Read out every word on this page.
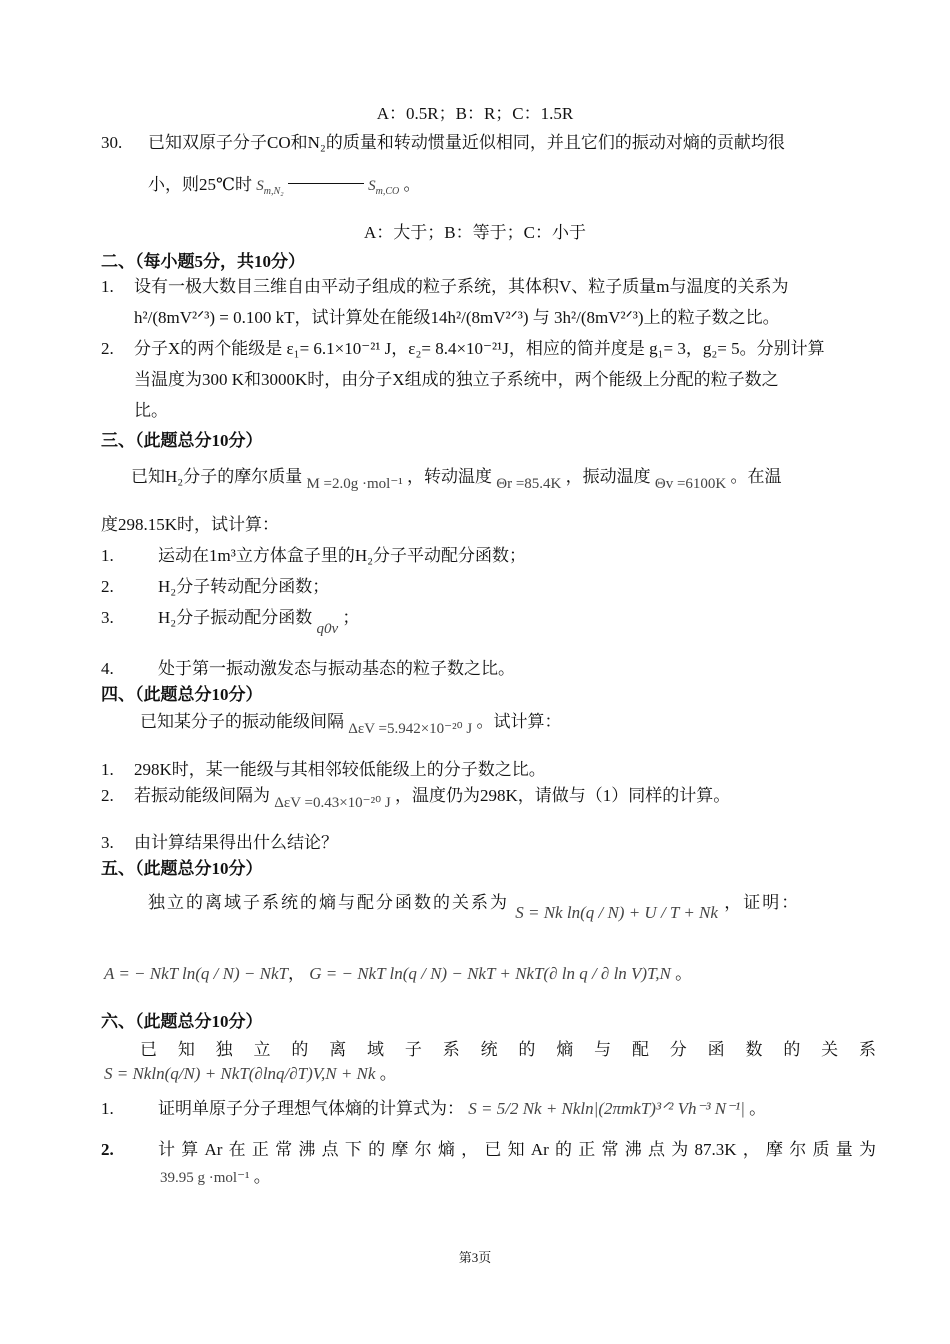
A：0.5R；B：R；C：1.5R
30. 已知双原子分子CO和N₂的质量和转动惯量近似相同，并且它们的振动对熵的贡献均很
小，则25℃时 $S_{m,N_2}$	$S_{m,CO}$ 。
A：大于；B：等于；C：小于
二、（每小题5分，共10分）
1. 设有一极大数目三维自由平动子组成的粒子系统，其体积V、粒子质量m与温度的关系为
h²/(8mV²ᐟ³) = 0.100 kT，试计算处在能级14h²/(8mV²ᐟ³) 与 3h²/(8mV²ᐟ³)上的粒子数之比。
2. 分子X的两个能级是 ε₁= 6.1×10⁻²¹ J，ε₂= 8.4×10⁻²¹J，相应的简并度是 g₁= 3，g₂= 5。分别计算
当温度为300 K和3000K时，由分子X组成的独立子系统中，两个能级上分配的粒子数之
比。
三、（此题总分10分）
已知H₂分子的摩尔质量 M =2.0g ·mol⁻¹ ，转动温度 Θr =85.4K ，振动温度 Θv =6100K 。在温
度298.15K时，试计算：
1.	运动在1m³立方体盒子里的H₂分子平动配分函数；
2.	H₂分子转动配分函数；
3.	H₂分子振动配分函数 q0v ；
4.	处于第一振动激发态与振动基态的粒子数之比。
四、（此题总分10分）
已知某分子的振动能级间隔 ΔεV =5.942×10⁻²⁰ J 。试计算：
1. 298K时，某一能级与其相邻较低能级上的分子数之比。
2. 若振动能级间隔为 ΔεV =0.43×10⁻²⁰ J ，温度仍为298K，请做与（1）同样的计算。
3. 由计算结果得出什么结论？
五、（此题总分10分）
独立的离域子系统的熵与配分函数的关系为 S = Nk ln(q / N) + U / T + Nk ，证明：
A = − NkT ln(q / N) − NkT， G = − NkT ln(q / N) − NkT + NkT(∂ ln q / ∂ ln V)T,N 。
六、（此题总分10分）
已知独立的离域子系统的熵与配分函数的关系
S = Nkln(q/N) + NkT(∂lnq/∂T)V,N + Nk 。
1.	证明单原子分子理想气体熵的计算式为： S = 5/2 Nk + Nkln|(2πmkT)³ᐟ² Vh⁻³ N⁻¹| 。
2.	计算Ar在正常沸点下的摩尔熵，已知Ar的正常沸点为87.3K，摩尔质量为
39.95 g ·mol⁻¹ 。
第3页
